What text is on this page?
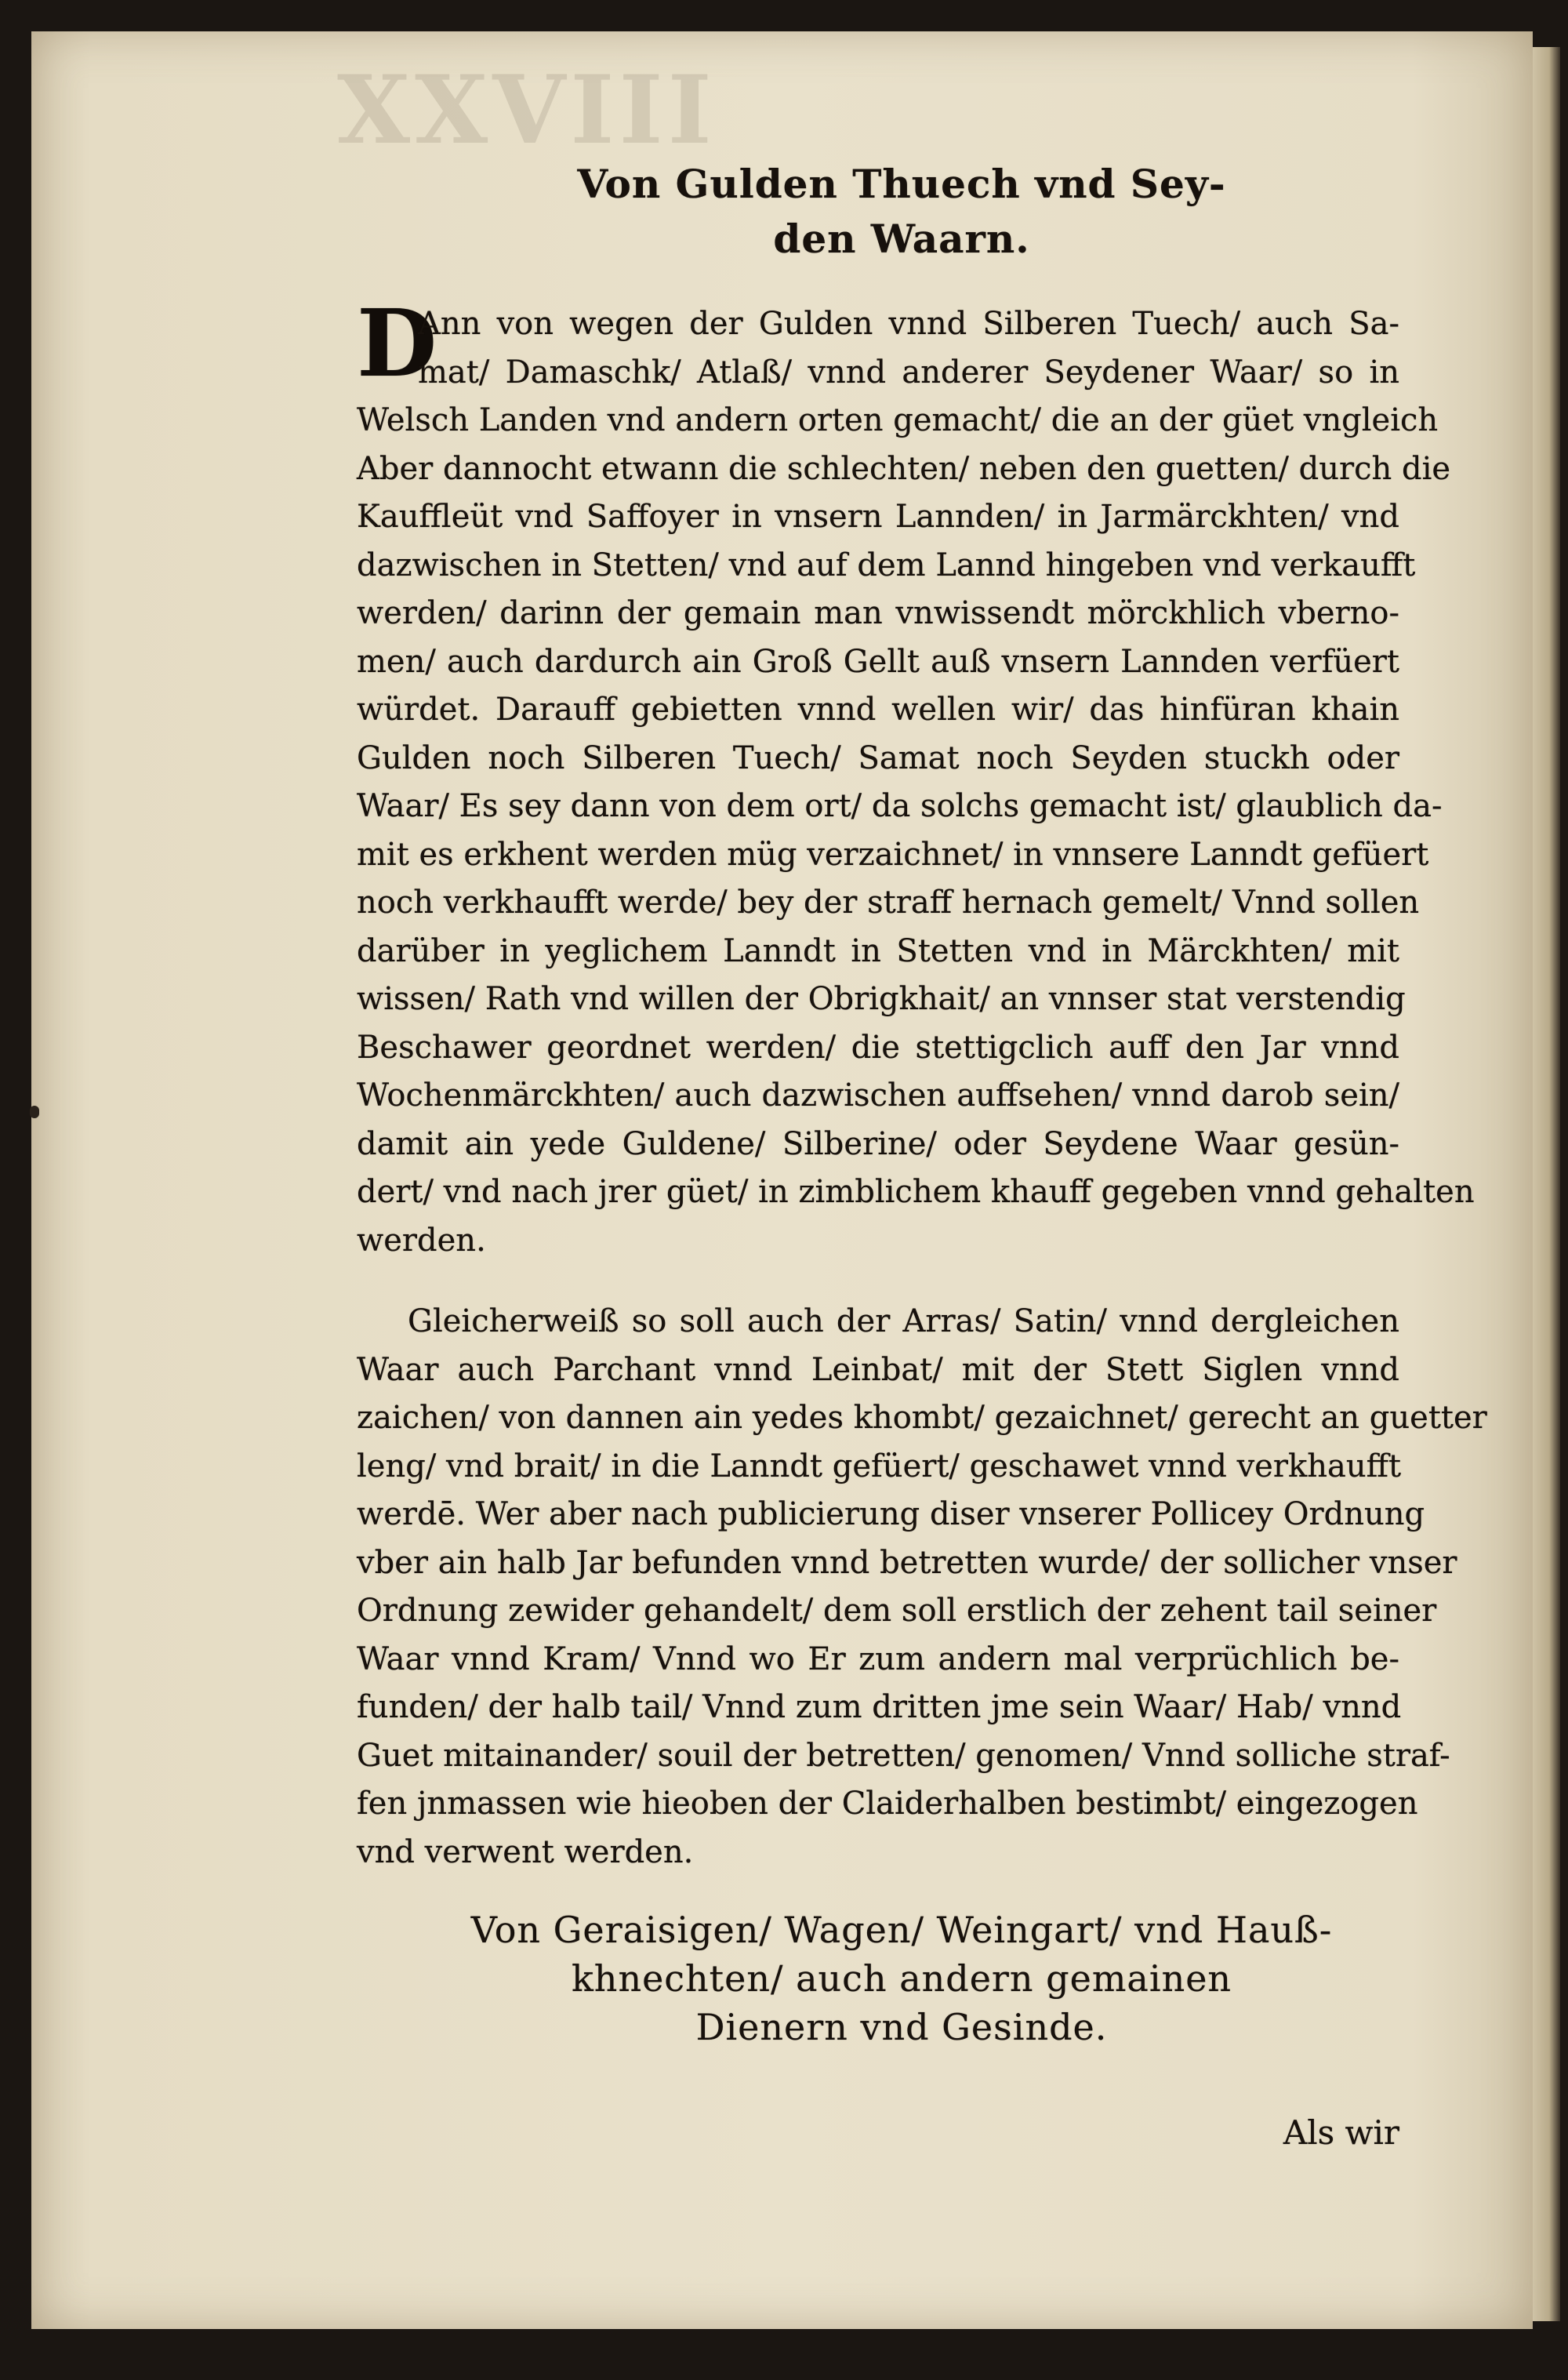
XXVIII
Von Gulden Thuech vnd Sey-
den Waarn.
D
Ann von wegen der Gulden vnnd Silberen Tuech/ auch Sa-
mat/ Damaschk/ Atlaß/ vnnd anderer Seydener Waar/ so in
Welsch Landen vnd andern orten gemacht/ die an der güet vngleich
Aber dannocht etwann die schlechten/ neben den guetten/ durch die
Kauffleüt vnd Saffoyer in vnsern Lannden/ in Jarmärckhten/ vnd
dazwischen in Stetten/ vnd auf dem Lannd hingeben vnd verkaufft
werden/ darinn der gemain man vnwissendt mörckhlich vberno-
men/ auch dardurch ain Groß Gellt auß vnsern Lannden verfüert
würdet. Darauff gebietten vnnd wellen wir/ das hinfüran khain
Gulden noch Silberen Tuech/ Samat noch Seyden stuckh oder
Waar/ Es sey dann von dem ort/ da solchs gemacht ist/ glaublich da-
mit es erkhent werden müg verzaichnet/ in vnnsere Lanndt gefüert
noch verkhaufft werde/ bey der straff hernach gemelt/ Vnnd sollen
darüber in yeglichem Lanndt in Stetten vnd in Märckhten/ mit
wissen/ Rath vnd willen der Obrigkhait/ an vnnser stat verstendig
Beschawer geordnet werden/ die stettigclich auff den Jar vnnd
Wochenmärckhten/ auch dazwischen auffsehen/ vnnd darob sein/
damit ain yede Guldene/ Silberine/ oder Seydene Waar gesün-
dert/ vnd nach jrer güet/ in zimblichem khauff gegeben vnnd gehalten
werden.
Gleicherweiß so soll auch der Arras/ Satin/ vnnd dergleichen
Waar auch Parchant vnnd Leinbat/ mit der Stett Siglen vnnd
zaichen/ von dannen ain yedes khombt/ gezaichnet/ gerecht an guetter
leng/ vnd brait/ in die Lanndt gefüert/ geschawet vnnd verkhaufft
werdē. Wer aber nach publicierung diser vnserer Pollicey Ordnung
vber ain halb Jar befunden vnnd betretten wurde/ der sollicher vnser
Ordnung zewider gehandelt/ dem soll erstlich der zehent tail seiner
Waar vnnd Kram/ Vnnd wo Er zum andern mal verprüchlich be-
funden/ der halb tail/ Vnnd zum dritten jme sein Waar/ Hab/ vnnd
Guet mitainander/ souil der betretten/ genomen/ Vnnd solliche straf-
fen jnmassen wie hieoben der Claiderhalben bestimbt/ eingezogen
vnd verwent werden.
Von Geraisigen/ Wagen/ Weingart/ vnd Hauß-
khnechten/ auch andern gemainen
Dienern vnd Gesinde.
Als wir
